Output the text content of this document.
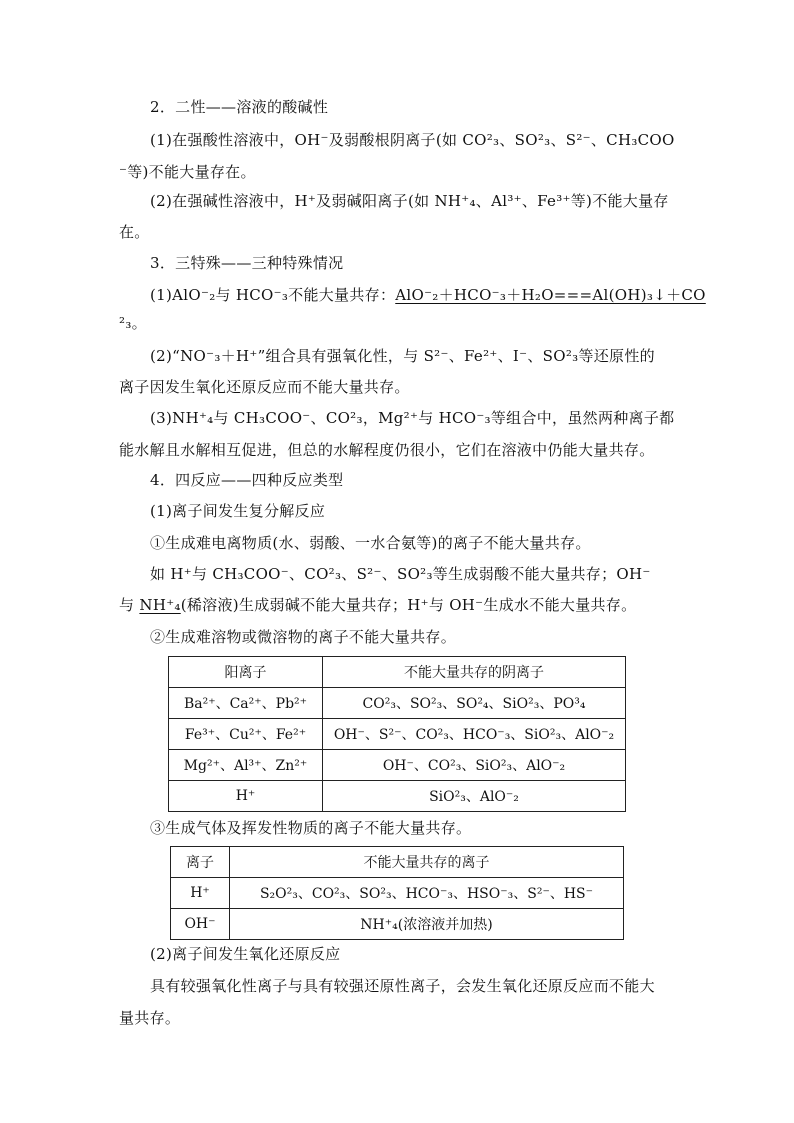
2．二性——溶液的酸碱性
(1)在强酸性溶液中，OH⁻及弱酸根阴离子(如 CO²₃、SO²₃、S²⁻、CH₃COO
⁻等)不能大量存在。
(2)在强碱性溶液中，H⁺及弱碱阳离子(如 NH⁺₄、Al³⁺、Fe³⁺等)不能大量存
在。
3．三特殊——三种特殊情况
(1)AlO⁻₂与 HCO⁻₃不能大量共存：AlO⁻₂＋HCO⁻₃＋H₂O===Al(OH)₃↓＋CO
²₃。
(2)“NO⁻₃＋H⁺”组合具有强氧化性，与 S²⁻、Fe²⁺、I⁻、SO²₃等还原性的
离子因发生氧化还原反应而不能大量共存。
(3)NH⁺₄与 CH₃COO⁻、CO²₃，Mg²⁺与 HCO⁻₃等组合中，虽然两种离子都
能水解且水解相互促进，但总的水解程度仍很小，它们在溶液中仍能大量共存。
4．四反应——四种反应类型
(1)离子间发生复分解反应
①生成难电离物质(水、弱酸、一水合氨等)的离子不能大量共存。
如 H⁺与 CH₃COO⁻、CO²₃、S²⁻、SO²₃等生成弱酸不能大量共存；OH⁻
与 NH⁺₄(稀溶液)生成弱碱不能大量共存；H⁺与 OH⁻生成水不能大量共存。
②生成难溶物或微溶物的离子不能大量共存。
阳离子	不能大量共存的阴离子
Ba²⁺、Ca²⁺、Pb²⁺	CO²₃、SO²₃、SO²₄、SiO²₃、PO³₄
Fe³⁺、Cu²⁺、Fe²⁺	OH⁻、S²⁻、CO²₃、HCO⁻₃、SiO²₃、AlO⁻₂
Mg²⁺、Al³⁺、Zn²⁺	OH⁻、CO²₃、SiO²₃、AlO⁻₂
H⁺	SiO²₃、AlO⁻₂
③生成气体及挥发性物质的离子不能大量共存。
离子	不能大量共存的离子
H⁺	S₂O²₃、CO²₃、SO²₃、HCO⁻₃、HSO⁻₃、S²⁻、HS⁻
OH⁻	NH⁺₄(浓溶液并加热)
(2)离子间发生氧化还原反应
具有较强氧化性离子与具有较强还原性离子，会发生氧化还原反应而不能大
量共存。
